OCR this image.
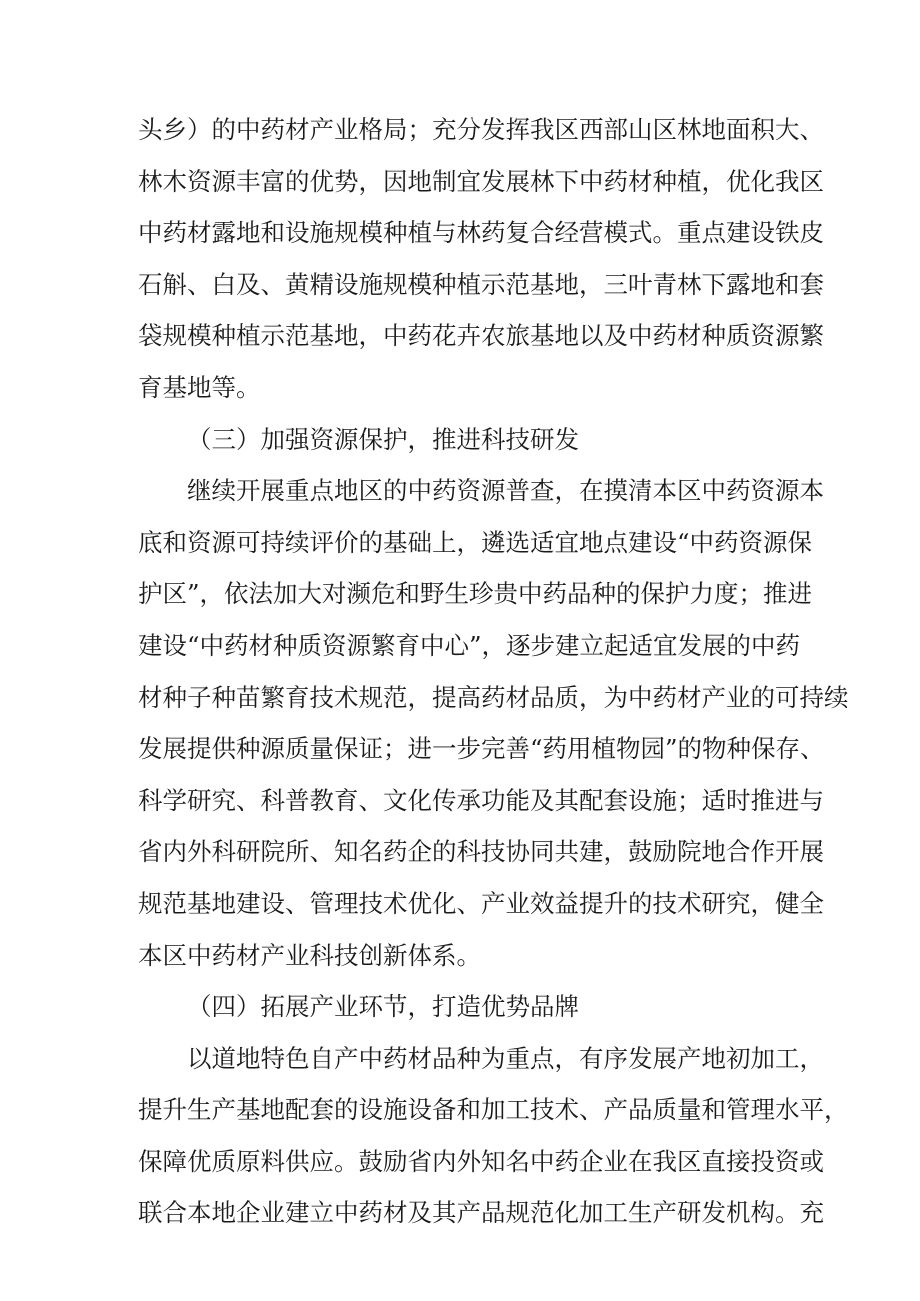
头乡）的中药材产业格局；充分发挥我区西部山区林地面积大、
林木资源丰富的优势，因地制宜发展林下中药材种植，优化我区
中药材露地和设施规模种植与林药复合经营模式。重点建设铁皮
石斛、白及、黄精设施规模种植示范基地，三叶青林下露地和套
袋规模种植示范基地，中药花卉农旅基地以及中药材种质资源繁
育基地等。
（三）加强资源保护，推进科技研发
继续开展重点地区的中药资源普查，在摸清本区中药资源本
底和资源可持续评价的基础上，遴选适宜地点建设“中药资源保
护区”，依法加大对濒危和野生珍贵中药品种的保护力度；推进
建设“中药材种质资源繁育中心”，逐步建立起适宜发展的中药
材种子种苗繁育技术规范，提高药材品质，为中药材产业的可持续
发展提供种源质量保证；进一步完善“药用植物园”的物种保存、
科学研究、科普教育、文化传承功能及其配套设施；适时推进与
省内外科研院所、知名药企的科技协同共建，鼓励院地合作开展
规范基地建设、管理技术优化、产业效益提升的技术研究，健全
本区中药材产业科技创新体系。
（四）拓展产业环节，打造优势品牌
以道地特色自产中药材品种为重点，有序发展产地初加工，
提升生产基地配套的设施设备和加工技术、产品质量和管理水平，
保障优质原料供应。鼓励省内外知名中药企业在我区直接投资或
联合本地企业建立中药材及其产品规范化加工生产研发机构。充
